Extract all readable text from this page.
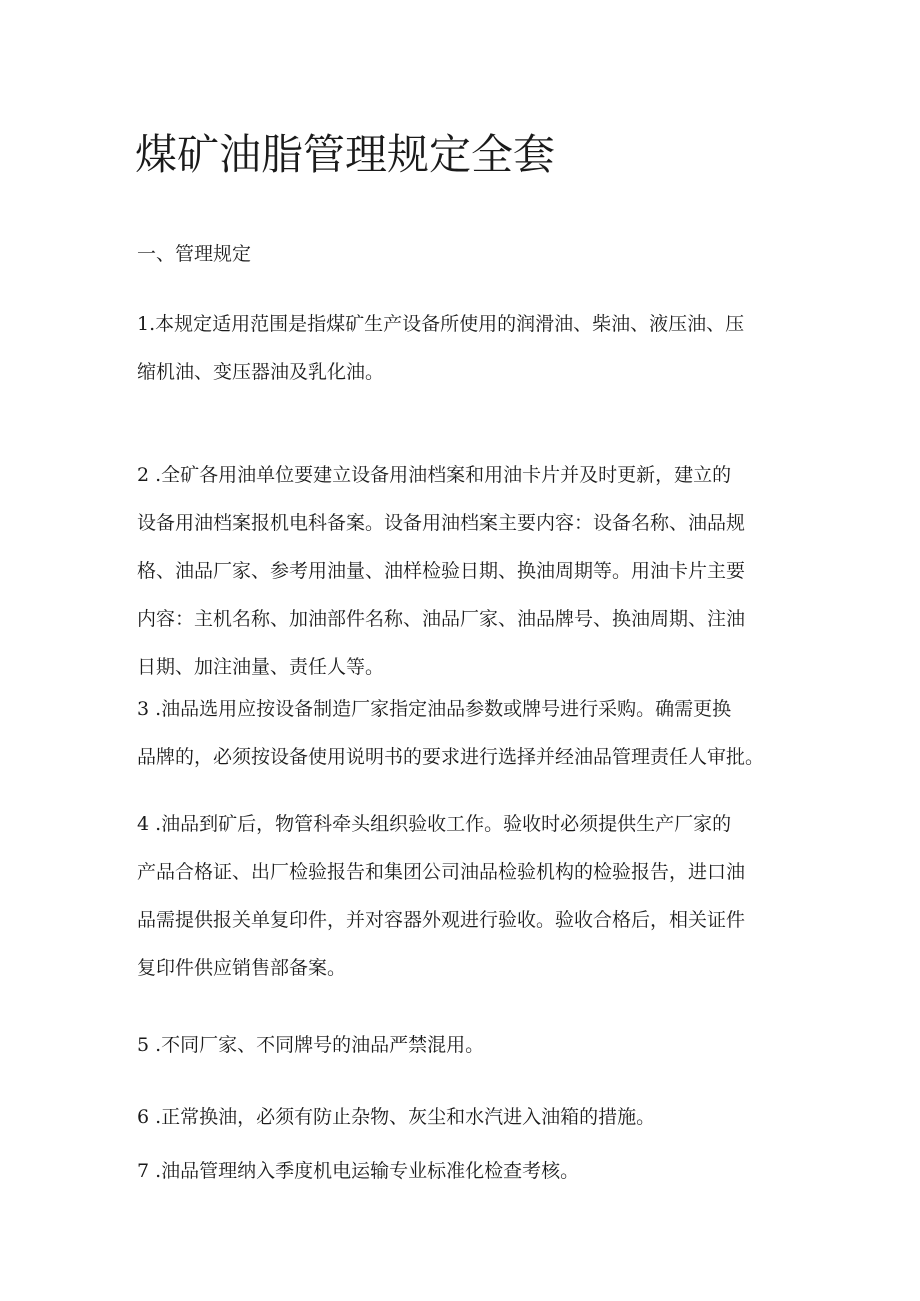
煤矿油脂管理规定全套
一、管理规定

1.本规定适用范围是指煤矿生产设备所使用的润滑油、柴油、液压油、压
缩机油、变压器油及乳化油。

2 .全矿各用油单位要建立设备用油档案和用油卡片并及时更新，建立的
设备用油档案报机电科备案。设备用油档案主要内容：设备名称、油品规
格、油品厂家、参考用油量、油样检验日期、换油周期等。用油卡片主要
内容：主机名称、加油部件名称、油品厂家、油品牌号、换油周期、注油
日期、加注油量、责任人等。

3 .油品选用应按设备制造厂家指定油品参数或牌号进行采购。确需更换
品牌的，必须按设备使用说明书的要求进行选择并经油品管理责任人审批。

4 .油品到矿后，物管科牵头组织验收工作。验收时必须提供生产厂家的
产品合格证、出厂检验报告和集团公司油品检验机构的检验报告，进口油
品需提供报关单复印件，并对容器外观进行验收。验收合格后，相关证件
复印件供应销售部备案。

5 .不同厂家、不同牌号的油品严禁混用。

6 .正常换油，必须有防止杂物、灰尘和水汽进入油箱的措施。

7 .油品管理纳入季度机电运输专业标准化检查考核。
